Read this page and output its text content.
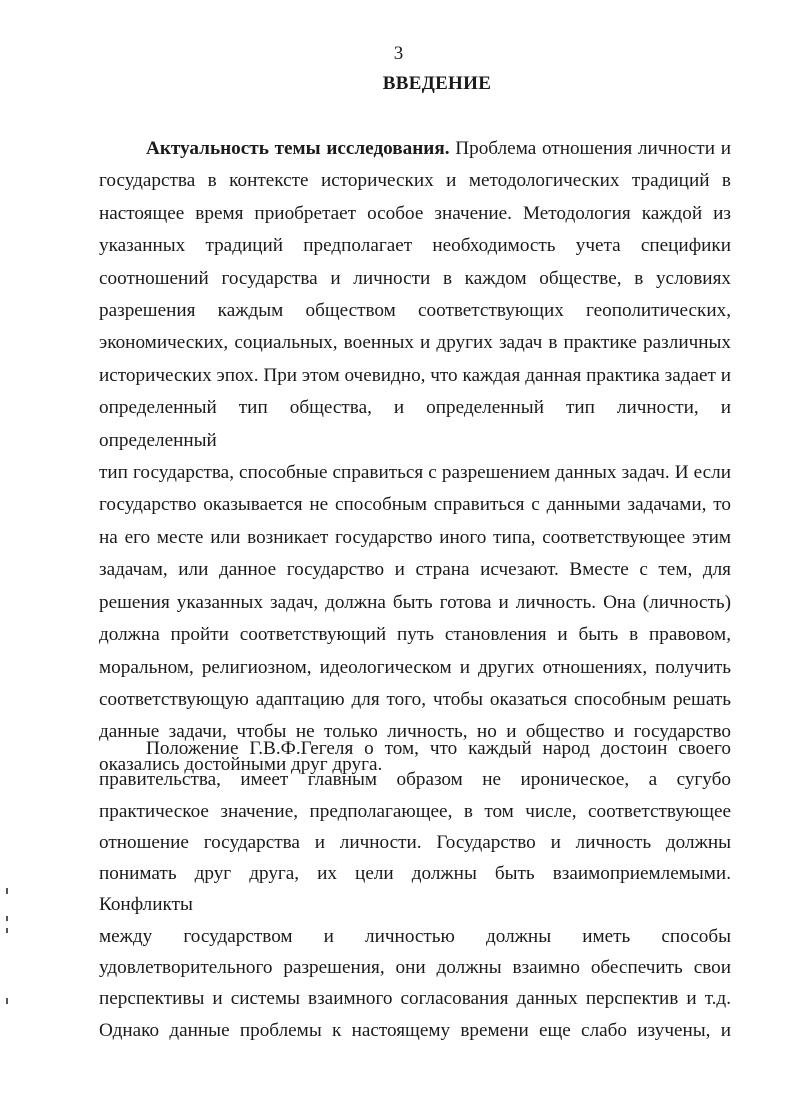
3
ВВЕДЕНИЕ
Актуальность темы исследования. Проблема отношения личности и
государства в контексте исторических и методологических традиций в
настоящее время приобретает особое значение. Методология каждой из
указанных традиций предполагает необходимость учета специфики
соотношений государства и личности в каждом обществе, в условиях
разрешения каждым обществом соответствующих геополитических,
экономических, социальных, военных и других задач в практике различных
исторических эпох. При этом очевидно, что каждая данная практика задает и
определенный тип общества, и определенный тип личности, и определенный
тип государства, способные справиться с разрешением данных задач. И если
государство оказывается не способным справиться с данными задачами, то
на его месте или возникает государство иного типа, соответствующее этим
задачам, или данное государство и страна исчезают. Вместе с тем, для
решения указанных задач, должна быть готова и личность. Она (личность)
должна пройти соответствующий путь становления и быть в правовом,
моральном, религиозном, идеологическом и других отношениях, получить
соответствующую адаптацию для того, чтобы оказаться способным решать
данные задачи, чтобы не только личность, но и общество и государство
оказались достойными друг друга.
Положение Г.В.Ф.Гегеля о том, что каждый народ достоин своего
правительства, имеет главным образом не ироническое, а сугубо
практическое значение, предполагающее, в том числе, соответствующее
отношение государства и личности. Государство и личность должны
понимать друг друга, их цели должны быть взаимоприемлемыми. Конфликты
между государством и личностью должны иметь способы
удовлетворительного разрешения, они должны взаимно обеспечить свои
перспективы и системы взаимного согласования данных перспектив и т.д.
Однако данные проблемы к настоящему времени еще слабо изучены, и
